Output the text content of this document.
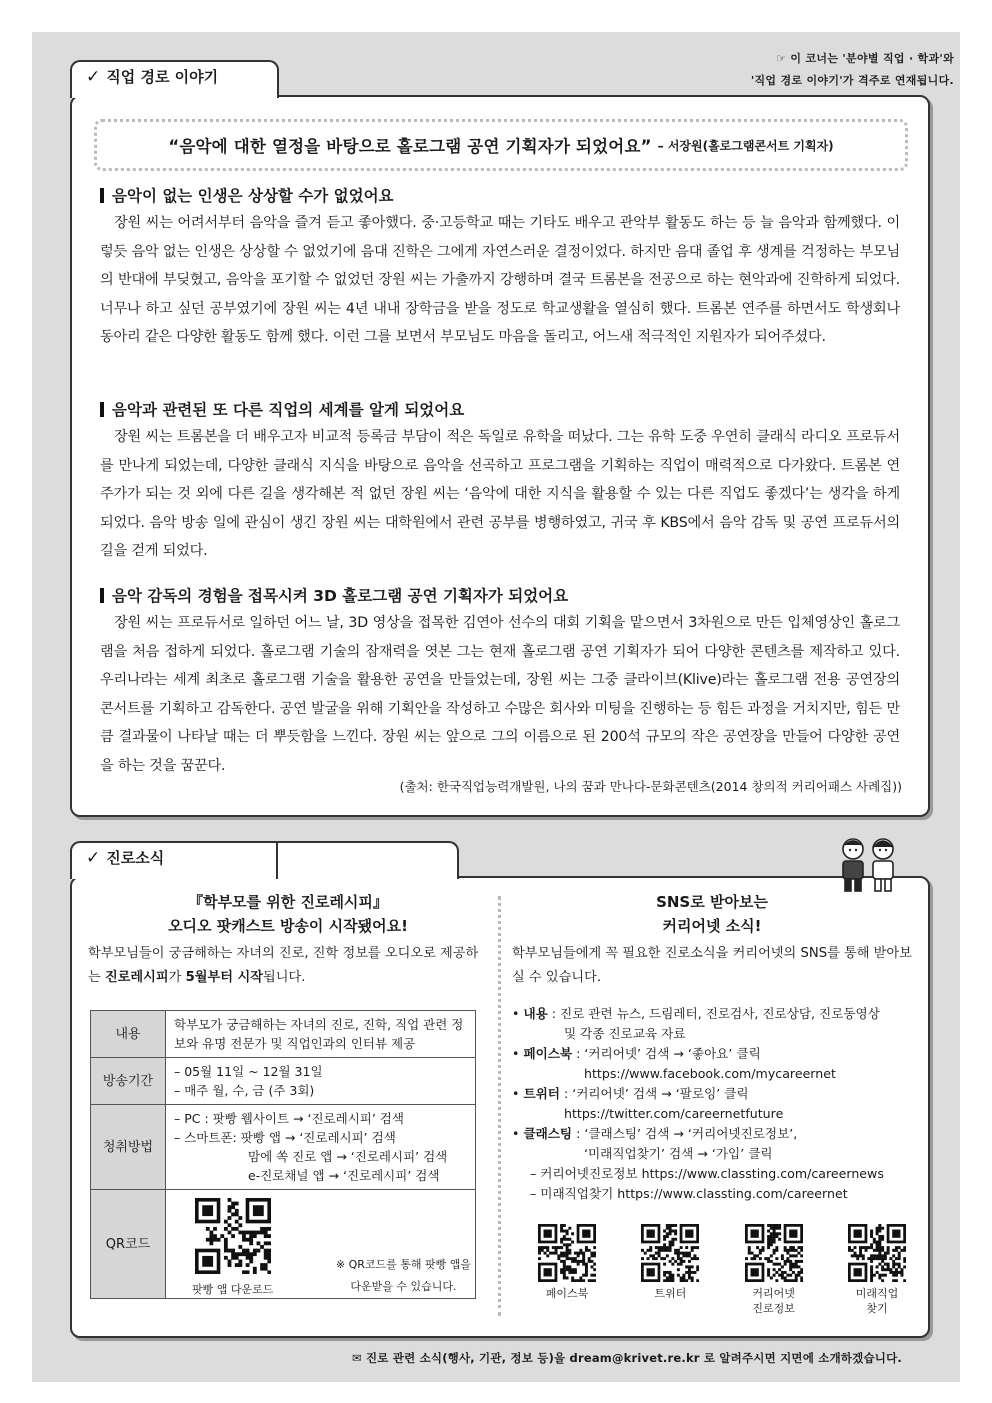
☞ 이 코너는 '분야별 직업 · 학과'와
'직업 경로 이야기'가 격주로 연재됩니다.
✓ 직업 경로 이야기
“음악에 대한 열정을 바탕으로 홀로그램 공연 기획자가 되었어요” – 서장원(홀로그램콘서트 기획자)
음악이 없는 인생은 상상할 수가 없었어요

장원 씨는 어려서부터 음악을 즐겨 듣고 좋아했다. 중·고등학교 때는 기타도 배우고 관악부 활동도 하는 등 늘 음악과 함께했다. 이렇듯 음악 없는 인생은 상상할 수 없었기에 음대 진학은 그에게 자연스러운 결정이었다. 하지만 음대 졸업 후 생계를 걱정하는 부모님의 반대에 부딪혔고, 음악을 포기할 수 없었던 장원 씨는 가출까지 강행하며 결국 트롬본을 전공으로 하는 현악과에 진학하게 되었다. 너무나 하고 싶던 공부였기에 장원 씨는 4년 내내 장학금을 받을 정도로 학교생활을 열심히 했다. 트롬본 연주를 하면서도 학생회나 동아리 같은 다양한 활동도 함께 했다. 이런 그를 보면서 부모님도 마음을 돌리고, 어느새 적극적인 지원자가 되어주셨다.

음악과 관련된 또 다른 직업의 세계를 알게 되었어요

장원 씨는 트롬본을 더 배우고자 비교적 등록금 부담이 적은 독일로 유학을 떠났다. 그는 유학 도중 우연히 클래식 라디오 프로듀서를 만나게 되었는데, 다양한 클래식 지식을 바탕으로 음악을 선곡하고 프로그램을 기획하는 직업이 매력적으로 다가왔다. 트롬본 연주가가 되는 것 외에 다른 길을 생각해본 적 없던 장원 씨는 ‘음악에 대한 지식을 활용할 수 있는 다른 직업도 좋겠다’는 생각을 하게 되었다. 음악 방송 일에 관심이 생긴 장원 씨는 대학원에서 관련 공부를 병행하였고, 귀국 후 KBS에서 음악 감독 및 공연 프로듀서의 길을 걷게 되었다.

음악 감독의 경험을 접목시켜 3D 홀로그램 공연 기획자가 되었어요

장원 씨는 프로듀서로 일하던 어느 날, 3D 영상을 접목한 김연아 선수의 대회 기획을 맡으면서 3차원으로 만든 입체영상인 홀로그램을 처음 접하게 되었다. 홀로그램 기술의 잠재력을 엿본 그는 현재 홀로그램 공연 기획자가 되어 다양한 콘텐츠를 제작하고 있다. 우리나라는 세계 최초로 홀로그램 기술을 활용한 공연을 만들었는데, 장원 씨는 그중 클라이브(Klive)라는 홀로그램 전용 공연장의 콘서트를 기획하고 감독한다. 공연 발굴을 위해 기획안을 작성하고 수많은 회사와 미팅을 진행하는 등 힘든 과정을 거치지만, 힘든 만큼 결과물이 나타날 때는 더 뿌듯함을 느낀다. 장원 씨는 앞으로 그의 이름으로 된 200석 규모의 작은 공연장을 만들어 다양한 공연을 하는 것을 꿈꾼다.

(출처: 한국직업능력개발원, 나의 꿈과 만나다-문화콘텐츠(2014 창의적 커리어패스 사례집))
✓ 진로소식
『학부모를 위한 진로레시피』
오디오 팟캐스트 방송이 시작됐어요!
학부모님들이 궁금해하는 자녀의 진로, 진학 정보를 오디오로 제공하는 진로레시피가 5월부터 시작됩니다.
내용	학부모가 궁금해하는 자녀의 진로, 진학, 직업 관련 정보와 유명 전문가 및 직업인과의 인터뷰 제공
방송기간	– 05월 11일 ~ 12월 31일
– 매주 월, 수, 금 (주 3회)

청취방법	– PC : 팟빵 웹사이트 → ‘진로레시피’ 검색
– 스마트폰: 팟빵 앱 → ‘진로레시피’ 검색
맘에 쏙 진로 앱 → ‘진로레시피’ 검색
e-진로채널 앱 → ‘진로레시피’ 검색

QR코드	팟빵 앱 다운로드
※ QR코드를 통해 팟빵 앱을
다운받을 수 있습니다.
SNS로 받아보는
커리어넷 소식!
학부모님들에게 꼭 필요한 진로소식을 커리어넷의 SNS를 통해 받아보실 수 있습니다.
• 내용 : 진로 관련 뉴스, 드림레터, 진로검사, 진로상담, 진로동영상
및 각종 진로교육 자료
• 페이스북 : ‘커리어넷’ 검색 → ‘좋아요’ 클릭
https://www.facebook.com/mycareernet
• 트위터 : ‘커리어넷’ 검색 → ‘팔로잉’ 클릭
https://twitter.com/careernetfuture
• 클래스팅 : ‘클래스팅’ 검색 → ‘커리어넷진로정보’,
‘미래직업찾기’ 검색 → ‘가입’ 클릭
– 커리어넷진로정보 https://www.classting.com/careernews
– 미래직업찾기 https://www.classting.com/careernet
페이스북	트위터	커리어넷
진로정보
미래직업
찾기
✉ 진로 관련 소식(행사, 기관, 정보 등)을 dream@krivet.re.kr 로 알려주시면 지면에 소개하겠습니다.
